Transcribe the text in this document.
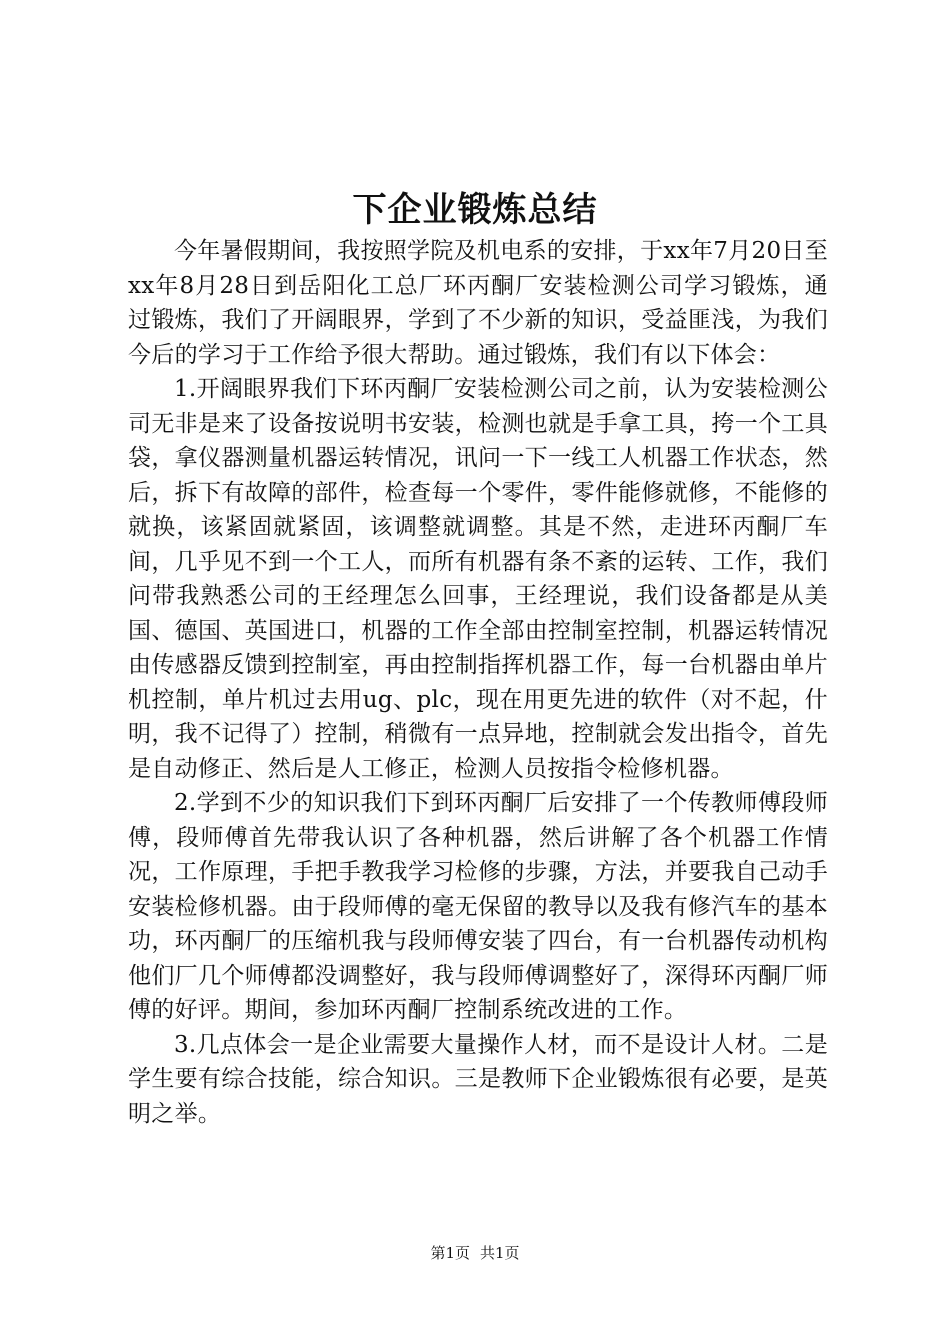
下企业锻炼总结

今年暑假期间，我按照学院及机电系的安排，于xx年7月20日至xx年8月28日到岳阳化工总厂环丙酮厂安装检测公司学习锻炼，通过锻炼，我们了开阔眼界，学到了不少新的知识，受益匪浅，为我们今后的学习于工作给予很大帮助。通过锻炼，我们有以下体会：

1.开阔眼界我们下环丙酮厂安装检测公司之前，认为安装检测公司无非是来了设备按说明书安装，检测也就是手拿工具，挎一个工具袋，拿仪器测量机器运转情况，讯问一下一线工人机器工作状态，然后，拆下有故障的部件，检查每一个零件，零件能修就修，不能修的就换，该紧固就紧固，该调整就调整。其是不然，走进环丙酮厂车间，几乎见不到一个工人，而所有机器有条不紊的运转、工作，我们问带我熟悉公司的王经理怎么回事，王经理说，我们设备都是从美国、德国、英国进口，机器的工作全部由控制室控制，机器运转情况由传感器反馈到控制室，再由控制指挥机器工作，每一台机器由单片机控制，单片机过去用ug、plc，现在用更先进的软件（对不起，什明，我不记得了）控制，稍微有一点异地，控制就会发出指令，首先是自动修正、然后是人工修正，检测人员按指令检修机器。

2.学到不少的知识我们下到环丙酮厂后安排了一个传教师傅段师傅，段师傅首先带我认识了各种机器，然后讲解了各个机器工作情况，工作原理，手把手教我学习检修的步骤，方法，并要我自己动手安装检修机器。由于段师傅的毫无保留的教导以及我有修汽车的基本功，环丙酮厂的压缩机我与段师傅安装了四台，有一台机器传动机构他们厂几个师傅都没调整好，我与段师傅调整好了，深得环丙酮厂师傅的好评。期间，参加环丙酮厂控制系统改进的工作。

3.几点体会一是企业需要大量操作人材，而不是设计人材。二是学生要有综合技能，综合知识。三是教师下企业锻炼很有必要，是英明之举。

第1页 共1页
